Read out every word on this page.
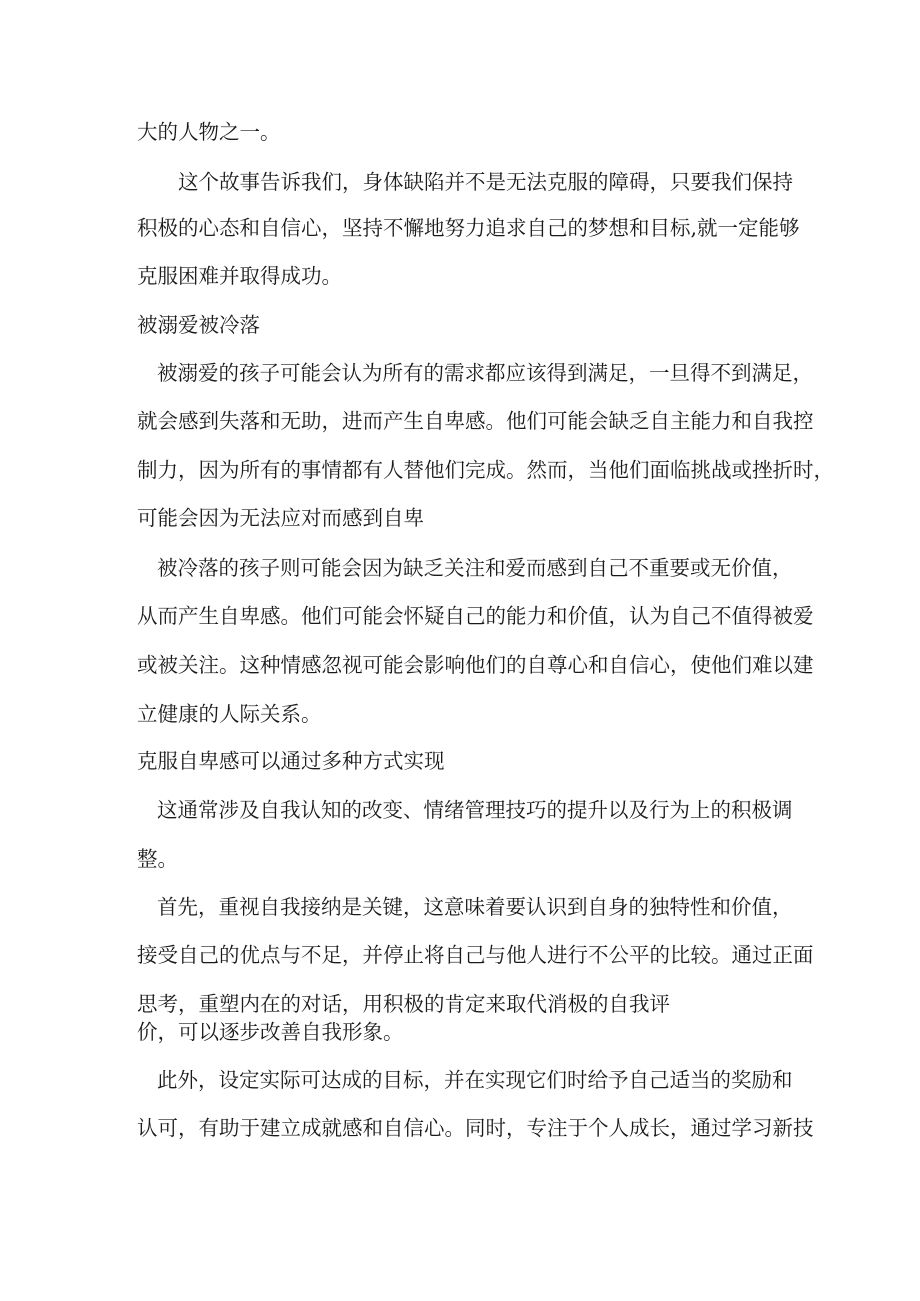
大的人物之一。
这个故事告诉我们，身体缺陷并不是无法克服的障碍，只要我们保持
积极的心态和自信心，坚持不懈地努力追求自己的梦想和目标,就一定能够
克服困难并取得成功。
被溺爱被冷落
被溺爱的孩子可能会认为所有的需求都应该得到满足，一旦得不到满足，
就会感到失落和无助，进而产生自卑感。他们可能会缺乏自主能力和自我控
制力，因为所有的事情都有人替他们完成。然而，当他们面临挑战或挫折时，
可能会因为无法应对而感到自卑
被冷落的孩子则可能会因为缺乏关注和爱而感到自己不重要或无价值，
从而产生自卑感。他们可能会怀疑自己的能力和价值，认为自己不值得被爱
或被关注。这种情感忽视可能会影响他们的自尊心和自信心，使他们难以建
立健康的人际关系。
克服自卑感可以通过多种方式实现
这通常涉及自我认知的改变、情绪管理技巧的提升以及行为上的积极调
整。
首先，重视自我接纳是关键，这意味着要认识到自身的独特性和价值，
接受自己的优点与不足，并停止将自己与他人进行不公平的比较。通过正面
思考，重塑内在的对话，用积极的肯定来取代消极的自我评
价，可以逐步改善自我形象。
此外，设定实际可达成的目标，并在实现它们时给予自己适当的奖励和
认可，有助于建立成就感和自信心。同时，专注于个人成长，通过学习新技
